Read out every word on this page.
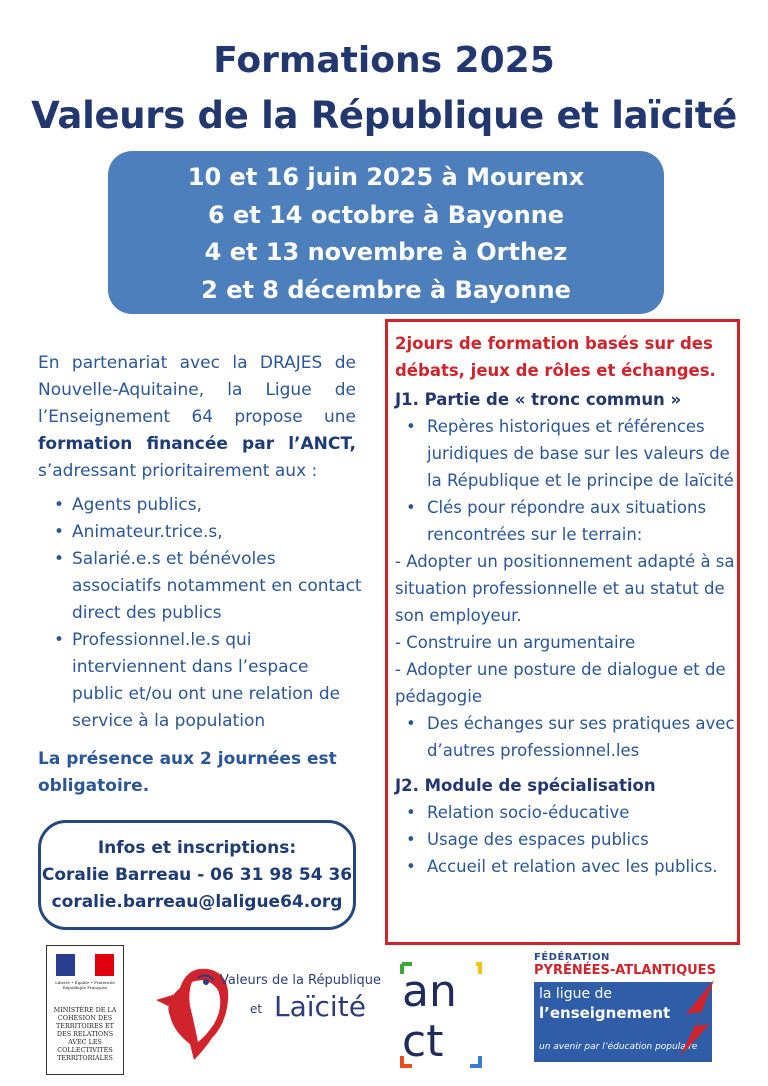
Formations 2025
Valeurs de la République et laïcité
10 et 16 juin 2025 à Mourenx
6 et 14 octobre à Bayonne
4 et 13 novembre à Orthez
2 et 8 décembre à Bayonne

En partenariat avec la DRAJES de Nouvelle-Aquitaine, la Ligue de l’Enseignement 64 propose une formation financée par l’ANCT, s’adressant prioritairement aux :

• Agents publics,
• Animateur.trice.s,
• Salarié.e.s et bénévoles associatifs notamment en contact direct des publics
• Professionnel.le.s qui interviennent dans l’espace public et/ou ont une relation de service à la population

La présence aux 2 journées est obligatoire.

Infos et inscriptions:
Coralie Barreau - 06 31 98 54 36
coralie.barreau@laligue64.org
2jours de formation basés sur des débats, jeux de rôles et échanges.
J1. Partie de « tronc commun »
• Repères historiques et références juridiques de base sur les valeurs de la République et le principe de laïcité
• Clés pour répondre aux situations rencontrées sur le terrain:
- Adopter un positionnement adapté à sa situation professionnelle et au statut de son employeur.
- Construire un argumentaire
- Adopter une posture de dialogue et de pédagogie
• Des échanges sur ses pratiques avec d’autres professionnel.les
J2. Module de spécialisation
• Relation socio-éducative
• Usage des espaces publics
• Accueil et relation avec les publics.
Liberté • Égalité • Fraternité
République Française
MINISTÈRE DE LA COHÉSION DES TERRITOIRES ET DES RELATIONS AVEC LES COLLECTIVITÉS TERRITORIALES
Valeurs de la République
et Laïcité an
ct
FÉDÉRATION
PYRÉNÉES-ATLANTIQUES
la ligue de
l’enseignement
un avenir par l’éducation populaire
